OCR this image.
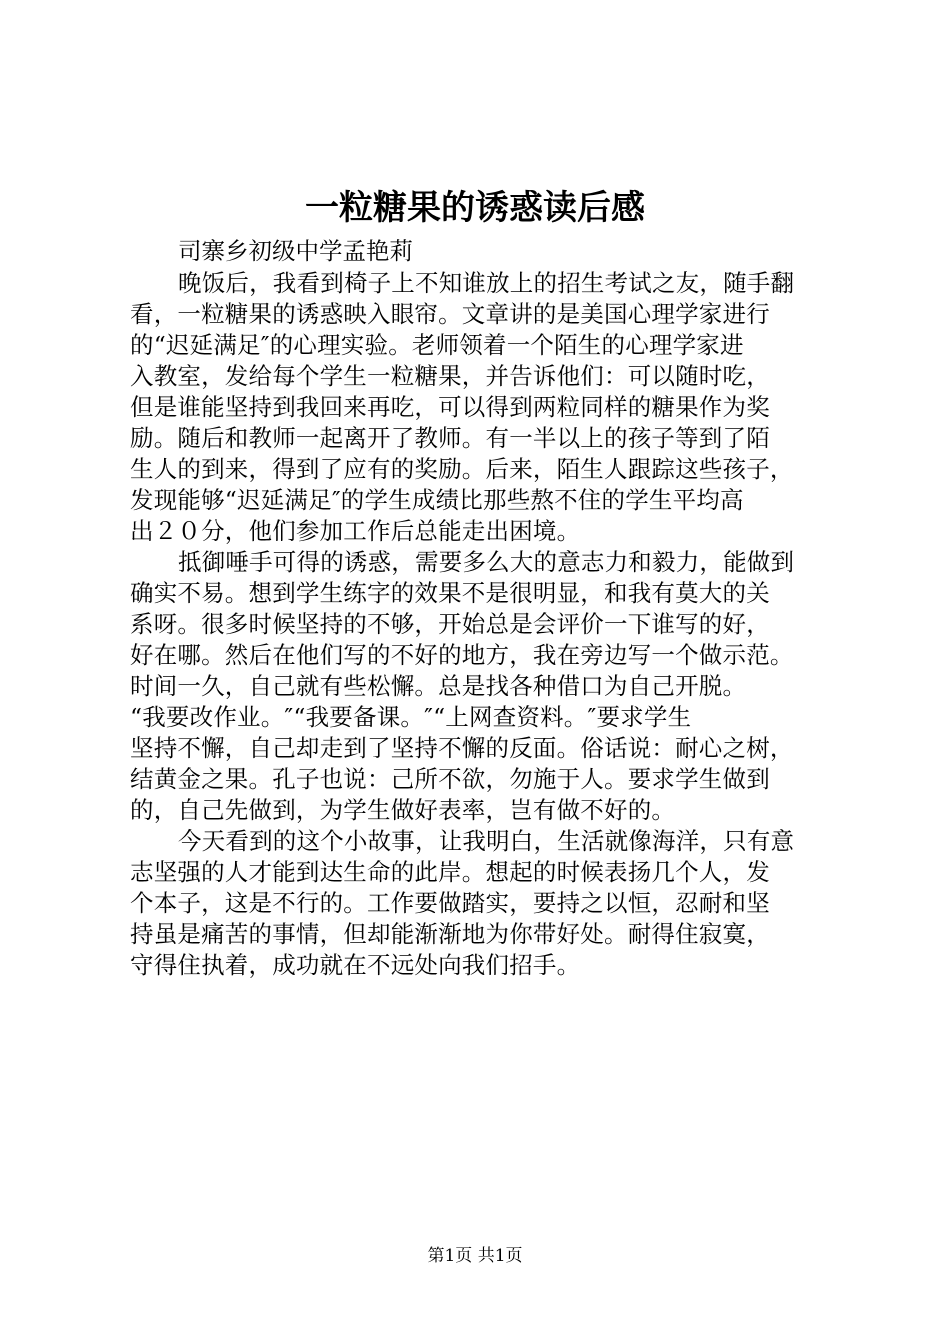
一粒糖果的诱惑读后感
司寨乡初级中学孟艳莉
晚饭后，我看到椅子上不知谁放上的招生考试之友，随手翻
看，一粒糖果的诱惑映入眼帘。文章讲的是美国心理学家进行
的“迟延满足″的心理实验。老师领着一个陌生的心理学家进
入教室，发给每个学生一粒糖果，并告诉他们：可以随时吃，
但是谁能坚持到我回来再吃，可以得到两粒同样的糖果作为奖
励。随后和教师一起离开了教师。有一半以上的孩子等到了陌
生人的到来，得到了应有的奖励。后来，陌生人跟踪这些孩子，
发现能够“迟延满足″的学生成绩比那些熬不住的学生平均高
出２０分，他们参加工作后总能走出困境。
抵御唾手可得的诱惑，需要多么大的意志力和毅力，能做到
确实不易。想到学生练字的效果不是很明显，和我有莫大的关
系呀。很多时候坚持的不够，开始总是会评价一下谁写的好，
好在哪。然后在他们写的不好的地方，我在旁边写一个做示范。
时间一久，自己就有些松懈。总是找各种借口为自己开脱。
“我要改作业。″“我要备课。″“上网查资料。″要求学生
坚持不懈，自己却走到了坚持不懈的反面。俗话说：耐心之树，
结黄金之果。孔子也说：己所不欲，勿施于人。要求学生做到
的，自己先做到，为学生做好表率，岂有做不好的。
今天看到的这个小故事，让我明白，生活就像海洋，只有意
志坚强的人才能到达生命的此岸。想起的时候表扬几个人，发
个本子，这是不行的。工作要做踏实，要持之以恒，忍耐和坚
持虽是痛苦的事情，但却能渐渐地为你带好处。耐得住寂寞，
守得住执着，成功就在不远处向我们招手。
第1页 共1页
